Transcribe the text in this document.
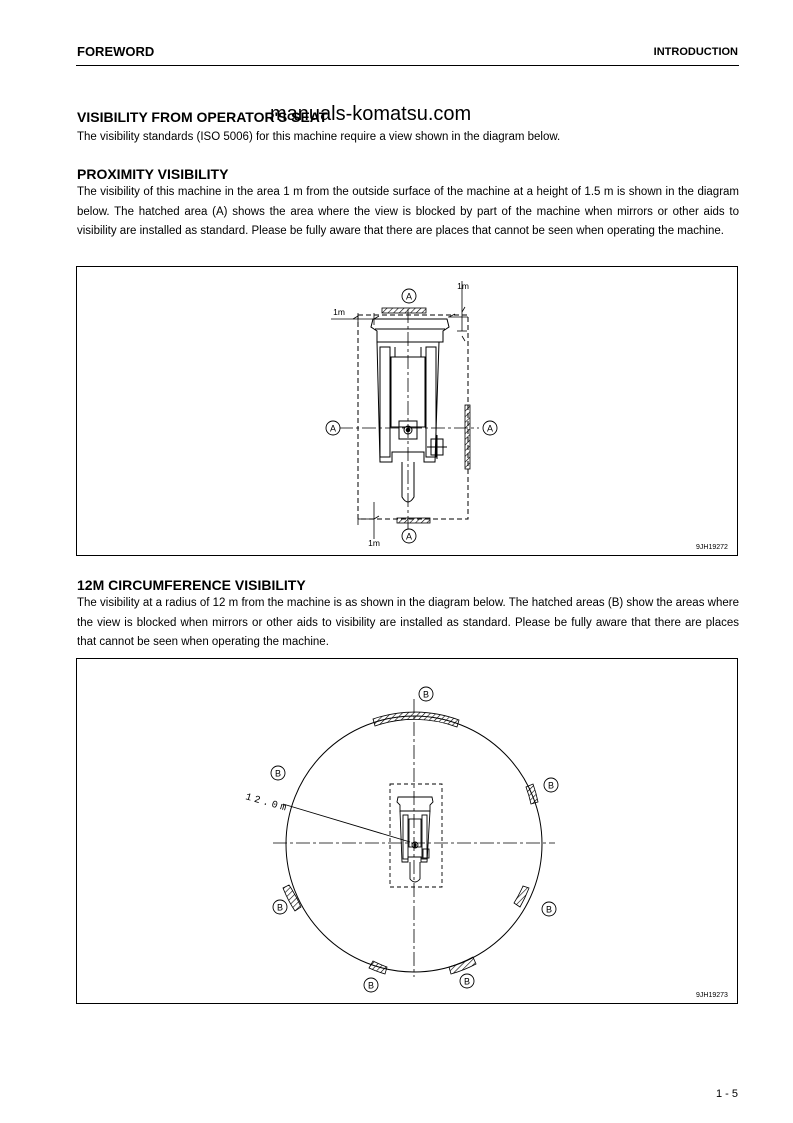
FOREWORD	INTRODUCTION
VISIBILITY FROM OPERATOR'S SEAT
manuals-komatsu.com
The visibility standards (ISO 5006) for this machine require a view shown in the diagram below.
PROXIMITY VISIBILITY
The visibility of this machine in the area 1 m from the outside surface of the machine at a height of 1.5 m is shown in the diagram below. The hatched area (A) shows the area where the view is blocked by part of the machine when mirrors or other aids to visibility are installed as standard. Please be fully aware that there are places that cannot be seen when operating the machine.
A
A	A
A
1m
1m
1m	9JH19272
12M CIRCUMFERENCE VISIBILITY
The visibility at a radius of 12 m from the machine is as shown in the diagram below. The hatched areas (B) show the areas where the view is blocked when mirrors or other aids to visibility are installed as standard. Please be fully aware that there are places that cannot be seen when operating the machine.
12.0m
B
B
B
B	B
B	B
9JH19273
1 - 5
